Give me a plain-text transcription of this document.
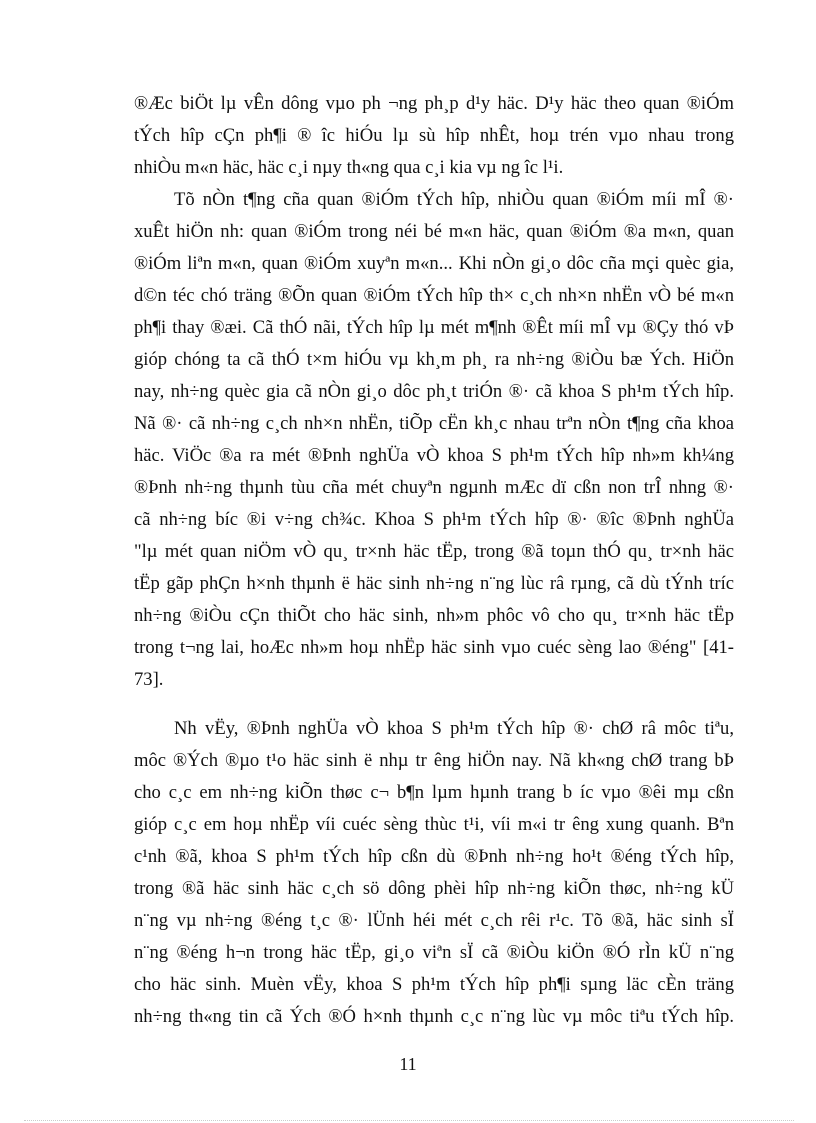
®Æc biÖt lµ vÊn dông vµo ph ¬ng ph¸p d¹y häc. D¹y häc theo quan ®iÓm
tÝch hîp cÇn ph¶i ® îc hiÓu lµ sù hîp nhÊt, hoµ trén vµo nhau trong
nhiÒu m«n häc, häc c¸i nµy th«ng qua c¸i kia vµ ng îc l¹i.
Tõ nÒn t¶ng cña quan ®iÓm tÝch hîp, nhiÒu quan ®iÓm míi mÎ ®·
xuÊt hiÖn nh: quan ®iÓm trong néi bé m«n häc, quan ®iÓm ®a m«n, quan
®iÓm liªn m«n, quan ®iÓm xuyªn m«n... Khi nÒn gi¸o dôc cña mçi quèc gia,
d©n téc chó träng ®Õn quan ®iÓm tÝch hîp th× c¸ch nh×n nhËn vÒ bé m«n
ph¶i thay ®æi. Cã thÓ nãi, tÝch hîp lµ mét m¶nh ®Êt míi mÎ vµ ®Çy thó vÞ
gióp chóng ta cã thÓ t×m hiÓu vµ kh¸m ph¸ ra nh÷ng ®iÒu bæ Ých. HiÖn
nay, nh÷ng quèc gia cã nÒn gi¸o dôc ph¸t triÓn ®· cã khoa S ph¹m tÝch hîp.
Nã ®· cã nh÷ng c¸ch nh×n nhËn, tiÕp cËn kh¸c nhau trªn nÒn t¶ng cña khoa
häc. ViÖc ®a ra mét ®Þnh nghÜa vÒ khoa S ph¹m tÝch hîp nh»m kh¼ng
®Þnh nh÷ng thµnh tùu cña mét chuyªn ngµnh mÆc dï cßn non trÎ nhng ®·
cã nh÷ng bíc ®i v÷ng ch¾c. Khoa S ph¹m tÝch hîp ®· ®îc ®Þnh nghÜa
"lµ mét quan niÖm vÒ qu¸ tr×nh häc tËp, trong ®ã toµn thÓ qu¸ tr×nh häc
tËp gãp phÇn h×nh thµnh ë häc sinh nh÷ng n¨ng lùc râ rµng, cã dù tÝnh tríc
nh÷ng ®iÒu cÇn thiÕt cho häc sinh, nh»m phôc vô cho qu¸ tr×nh häc tËp
trong t¬ng lai, hoÆc nh»m hoµ nhËp häc sinh vµo cuéc sèng lao ®éng" [41-
73].
Nh vËy, ®Þnh nghÜa vÒ khoa S ph¹m tÝch hîp ®· chØ râ môc tiªu,
môc ®Ých ®µo t¹o häc sinh ë nhµ tr êng hiÖn nay. Nã kh«ng chØ trang bÞ
cho c¸c em nh÷ng kiÕn thøc c¬ b¶n lµm hµnh trang b íc vµo ®êi mµ cßn
gióp c¸c em hoµ nhËp víi cuéc sèng thùc t¹i, víi m«i tr êng xung quanh. Bªn
c¹nh ®ã, khoa S ph¹m tÝch hîp cßn dù ®Þnh nh÷ng ho¹t ®éng tÝch hîp,
trong ®ã häc sinh häc c¸ch sö dông phèi hîp nh÷ng kiÕn thøc, nh÷ng kÜ
n¨ng vµ nh÷ng ®éng t¸c ®· lÜnh héi mét c¸ch rêi r¹c. Tõ ®ã, häc sinh sÏ
n¨ng ®éng h¬n trong häc tËp, gi¸o viªn sÏ cã ®iÒu kiÖn ®Ó rÌn kÜ n¨ng
cho häc sinh. Muèn vËy, khoa S ph¹m tÝch hîp ph¶i sµng läc cÈn träng
nh÷ng th«ng tin cã Ých ®Ó h×nh thµnh c¸c n¨ng lùc vµ môc tiªu tÝch hîp.
11
